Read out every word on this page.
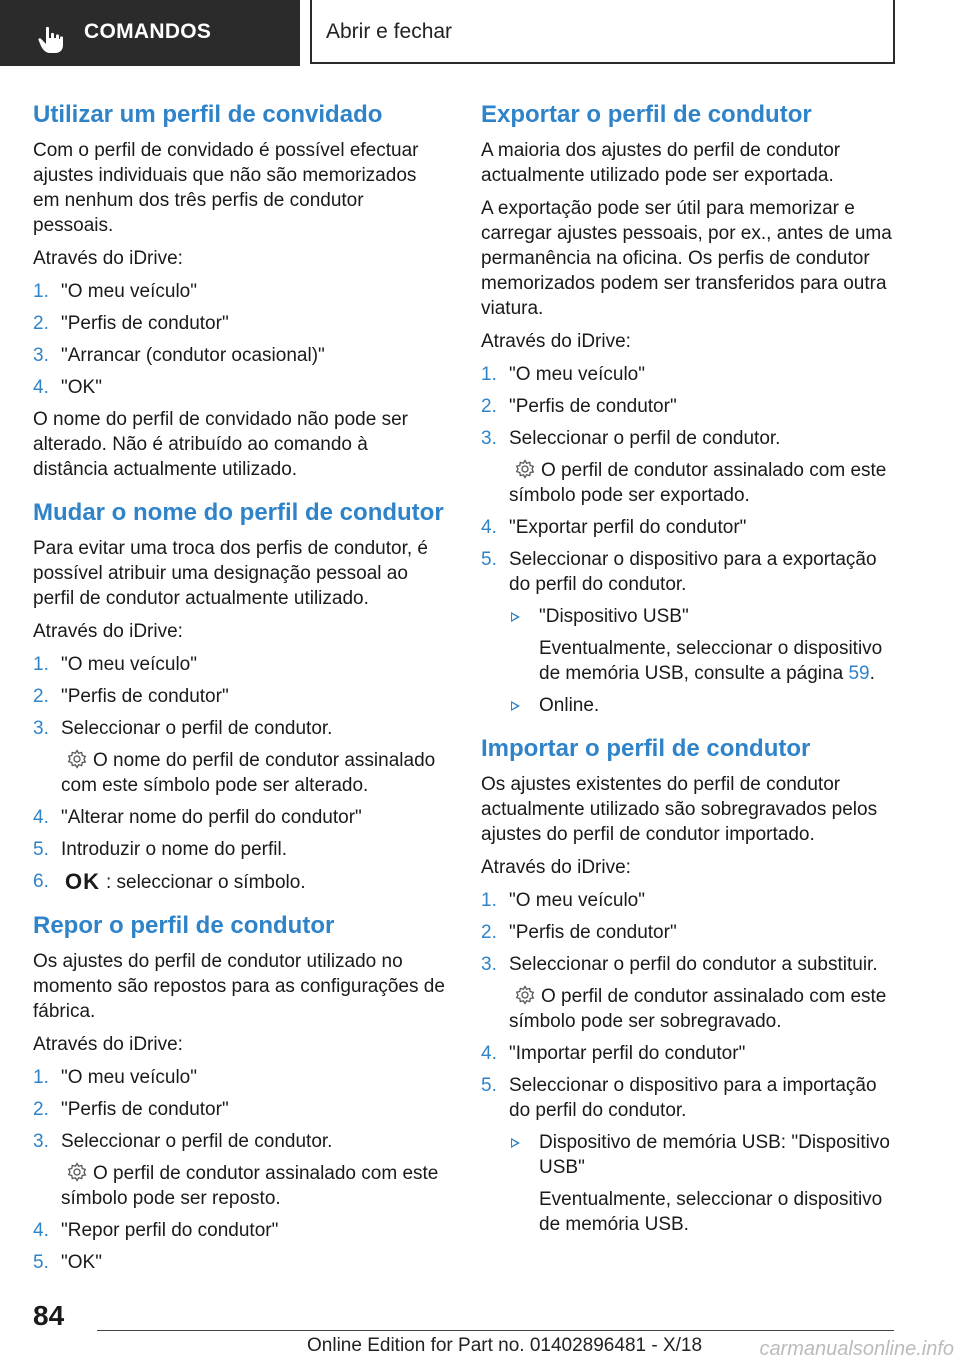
COMANDOS	Abrir e fechar
Utilizar um perfil de convidado

Com o perfil de convidado é possível efectuar ajustes individuais que não são memorizados em nenhum dos três perfis de condutor pessoais.

Através do iDrive:

1. "O meu veículo"
2. "Perfis de condutor"
3. "Arrancar (condutor ocasional)"
4. "OK"

O nome do perfil de convidado não pode ser alterado. Não é atribuído ao comando à distância actualmente utilizado.

Mudar o nome do perfil de condutor

Para evitar uma troca dos perfis de condutor, é possível atribuir uma designação pessoal ao perfil de condutor actualmente utilizado.

Através do iDrive:

1. "O meu veículo"
2. "Perfis de condutor"
3. Seleccionar o perfil de condutor.

O nome do perfil de condutor assinalado com este símbolo pode ser alterado.

4. "Alterar nome do perfil do condutor"
5. Introduzir o nome do perfil.
6. OK : seleccionar o símbolo.
Repor o perfil de condutor

Os ajustes do perfil de condutor utilizado no momento são repostos para as configurações de fábrica.

Através do iDrive:

1. "O meu veículo"
2. "Perfis de condutor"
3. Seleccionar o perfil de condutor.

O perfil de condutor assinalado com este símbolo pode ser reposto.

4. "Repor perfil do condutor"
5. "OK"
Exportar o perfil de condutor

A maioria dos ajustes do perfil de condutor actualmente utilizado pode ser exportada.

A exportação pode ser útil para memorizar e carregar ajustes pessoais, por ex., antes de uma permanência na oficina. Os perfis de condutor memorizados podem ser transferidos para outra viatura.

Através do iDrive:

1. "O meu veículo"
2. "Perfis de condutor"
3. Seleccionar o perfil de condutor.

O perfil de condutor assinalado com este símbolo pode ser exportado.

4. "Exportar perfil do condutor"
5. Seleccionar o dispositivo para a exportação do perfil do condutor.
"Dispositivo USB"

Eventualmente, seleccionar o dispositivo de memória USB, consulte a página 59.

Online.
Importar o perfil de condutor

Os ajustes existentes do perfil de condutor actualmente utilizado são sobregravados pelos ajustes do perfil de condutor importado.

Através do iDrive:

1. "O meu veículo"
2. "Perfis de condutor"
3. Seleccionar o perfil do condutor a substituir.

O perfil de condutor assinalado com este símbolo pode ser sobregravado.

4. "Importar perfil do condutor"
5. Seleccionar o dispositivo para a importação do perfil do condutor.
Dispositivo de memória USB: "Dispositivo USB"

Eventualmente, seleccionar o dispositivo de memória USB.

84
Online Edition for Part no. 01402896481 - X/18	carmanualsonline.info
